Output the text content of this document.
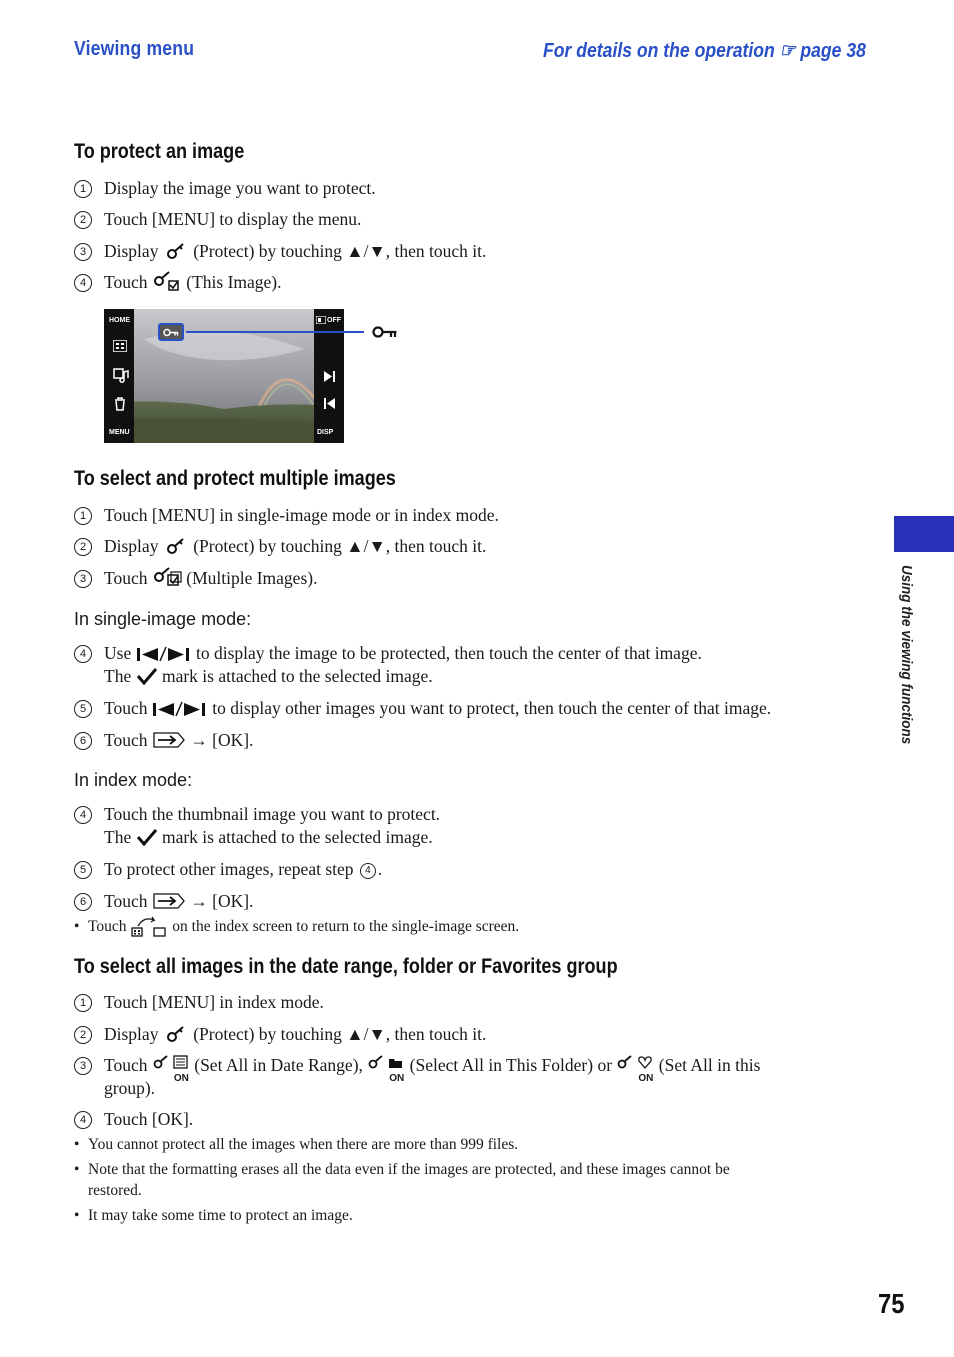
Viewing menu	For details on the operation ☞ page 38
To protect an image
1 Display the image you want to protect.
2 Touch [MENU] to display the menu.
3 Display (Protect) by touching ▲/▼, then touch it.
4 Touch (This Image).
HOME
MENU
OFF
DISP
To select and protect multiple images
1 Touch [MENU] in single-image mode or in index mode.
2 Display (Protect) by touching ▲/▼, then touch it.
3 Touch (Multiple Images).
In single-image mode:
4 Use	to display the image to be protected, then touch the center of that image.
The mark is attached to the selected image.
5 Touch	to display other images you want to protect, then touch the center of that image.
6 Touch → [OK].
In index mode:
4 Touch the thumbnail image you want to protect.
The mark is attached to the selected image.
5 To protect other images, repeat step 4 .
6 Touch → [OK].
• Touch	on the index screen to return to the single-image screen.
To select all images in the date range, folder or Favorites group
1 Touch [MENU] in index mode.
2 Display (Protect) by touching ▲/▼, then touch it.
3 Touch
ON
(Set All in Date Range),
ON
(Select All in This Folder) or
ON
(Set All in this
group).
4 Touch [OK].
• You cannot protect all the images when there are more than 999 files.
• Note that the formatting erases all the data even if the images are protected, and these images cannot be
restored.
• It may take some time to protect an image.
Using the viewing functions
75
